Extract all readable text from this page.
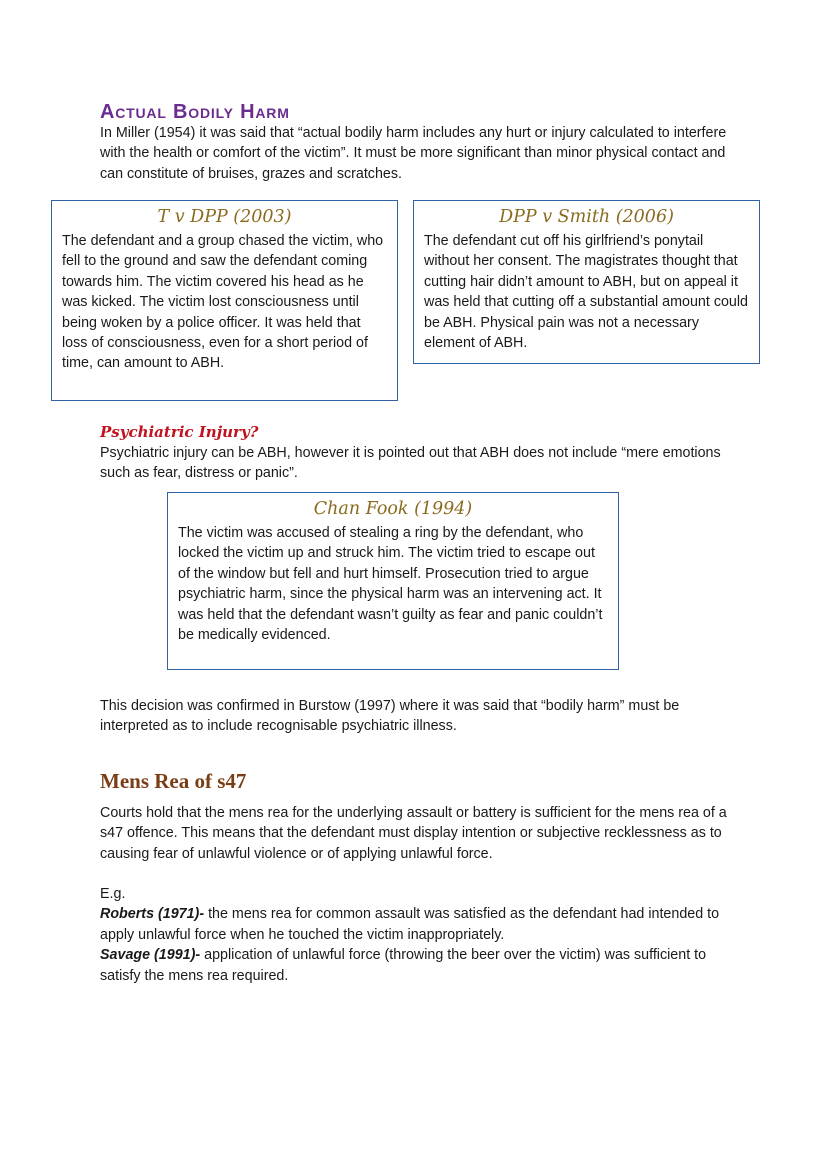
Actual Bodily Harm
In Miller (1954) it was said that “actual bodily harm includes any hurt or injury calculated to interfere with the health or comfort of the victim”. It must be more significant than minor physical contact and can constitute of bruises, grazes and scratches.
T v DPP (2003)
The defendant and a group chased the victim, who fell to the ground and saw the defendant coming towards him. The victim covered his head as he was kicked. The victim lost consciousness until being woken by a police officer. It was held that loss of consciousness, even for a short period of time, can amount to ABH.
DPP v Smith (2006)
The defendant cut off his girlfriend’s ponytail without her consent. The magistrates thought that cutting hair didn’t amount to ABH, but on appeal it was held that cutting off a substantial amount could be ABH. Physical pain was not a necessary element of ABH.
Psychiatric Injury?
Psychiatric injury can be ABH, however it is pointed out that ABH does not include “mere emotions such as fear, distress or panic”.
Chan Fook (1994)
The victim was accused of stealing a ring by the defendant, who locked the victim up and struck him. The victim tried to escape out of the window but fell and hurt himself. Prosecution tried to argue psychiatric harm, since the physical harm was an intervening act. It was held that the defendant wasn’t guilty as fear and panic couldn’t be medically evidenced.
This decision was confirmed in Burstow (1997) where it was said that “bodily harm” must be interpreted as to include recognisable psychiatric illness.
Mens Rea of s47
Courts hold that the mens rea for the underlying assault or battery is sufficient for the mens rea of a s47 offence. This means that the defendant must display intention or subjective recklessness as to causing fear of unlawful violence or of applying unlawful force.
E.g.
Roberts (1971)- the mens rea for common assault was satisfied as the defendant had intended to apply unlawful force when he touched the victim inappropriately.
Savage (1991)- application of unlawful force (throwing the beer over the victim) was sufficient to satisfy the mens rea required.
